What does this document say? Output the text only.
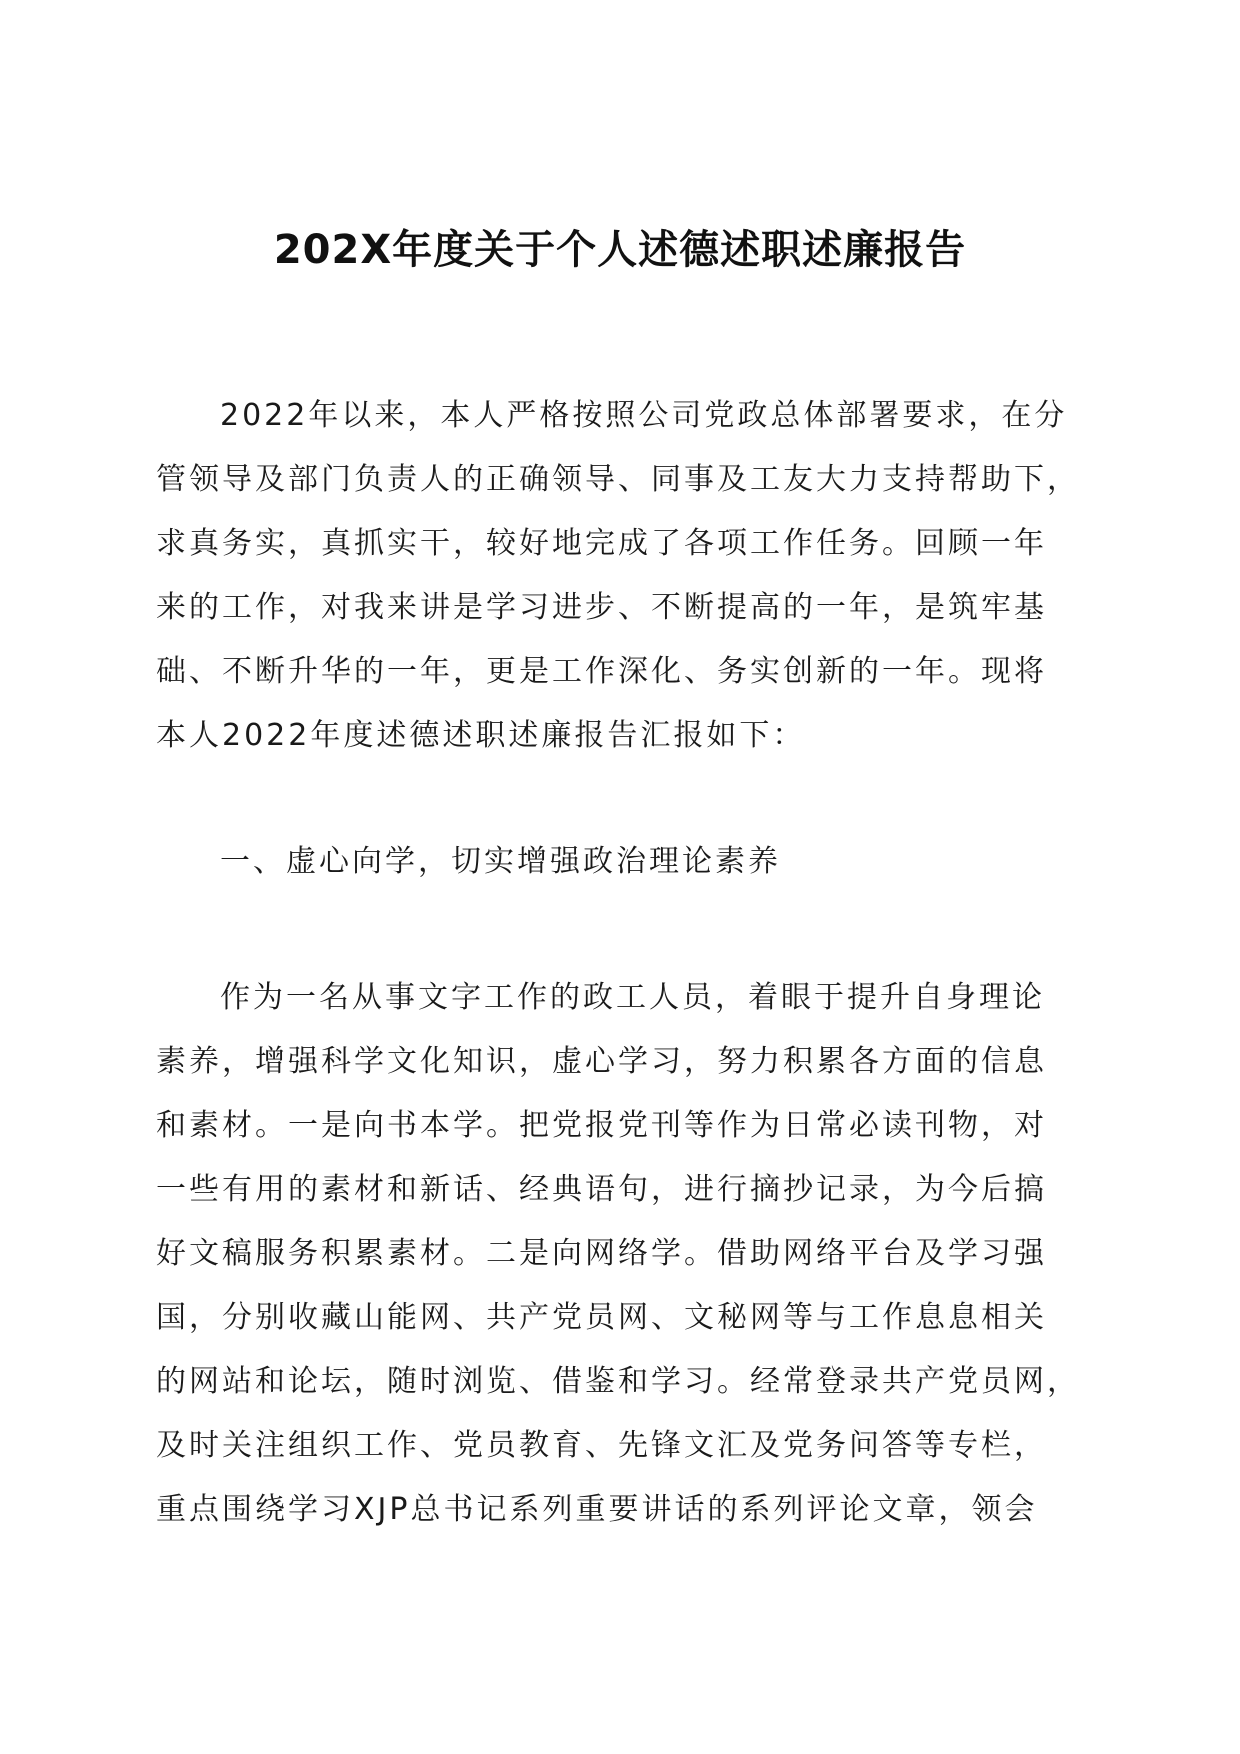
202X年度关于个人述德述职述廉报告
2022年以来，本人严格按照公司党政总体部署要求，在分
管领导及部门负责人的正确领导、同事及工友大力支持帮助下，
求真务实，真抓实干，较好地完成了各项工作任务。回顾一年
来的工作，对我来讲是学习进步、不断提高的一年，是筑牢基
础、不断升华的一年，更是工作深化、务实创新的一年。现将
本人2022年度述德述职述廉报告汇报如下：
一、虚心向学，切实增强政治理论素养
作为一名从事文字工作的政工人员，着眼于提升自身理论
素养，增强科学文化知识，虚心学习，努力积累各方面的信息
和素材。一是向书本学。把党报党刊等作为日常必读刊物，对
一些有用的素材和新话、经典语句，进行摘抄记录，为今后搞
好文稿服务积累素材。二是向网络学。借助网络平台及学习强
国，分别收藏山能网、共产党员网、文秘网等与工作息息相关
的网站和论坛，随时浏览、借鉴和学习。经常登录共产党员网，
及时关注组织工作、党员教育、先锋文汇及党务问答等专栏，
重点围绕学习XJP总书记系列重要讲话的系列评论文章，领会
